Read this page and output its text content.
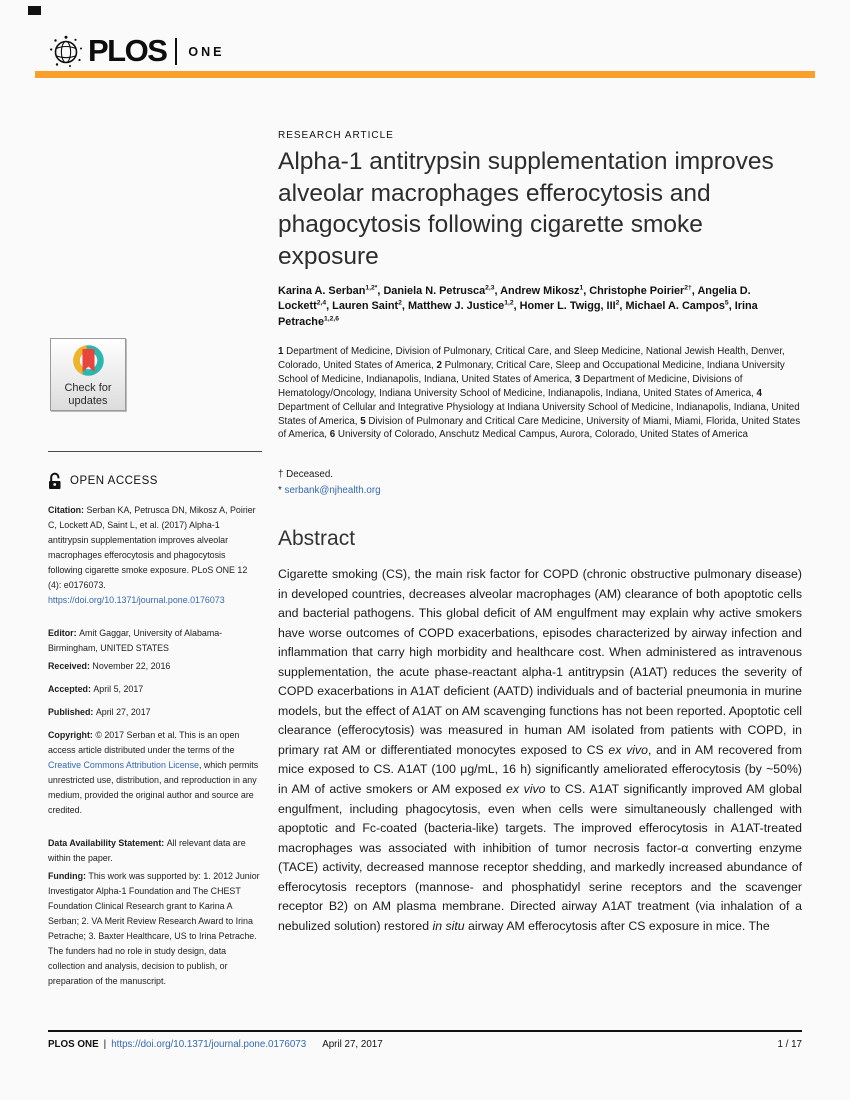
PLOS ONE
RESEARCH ARTICLE
Alpha-1 antitrypsin supplementation improves alveolar macrophages efferocytosis and phagocytosis following cigarette smoke exposure
Karina A. Serban$^{1,2*}$, Daniela N. Petrusca$^{2,3}$, Andrew Mikosz$^1$, Christophe Poirier$^{2\dagger}$, Angelia D. Lockett$^{2,4}$, Lauren Saint$^2$, Matthew J. Justice$^{1,2}$, Homer L. Twigg, III$^2$, Michael A. Campos$^5$, Irina Petrache$^{1,2,6}$
1 Department of Medicine, Division of Pulmonary, Critical Care, and Sleep Medicine, National Jewish Health, Denver, Colorado, United States of America, 2 Pulmonary, Critical Care, Sleep and Occupational Medicine, Indiana University School of Medicine, Indianapolis, Indiana, United States of America, 3 Department of Medicine, Divisions of Hematology/Oncology, Indiana University School of Medicine, Indianapolis, Indiana, United States of America, 4 Department of Cellular and Integrative Physiology at Indiana University School of Medicine, Indianapolis, Indiana, United States of America, 5 Division of Pulmonary and Critical Care Medicine, University of Miami, Miami, Florida, United States of America, 6 University of Colorado, Anschutz Medical Campus, Aurora, Colorado, United States of America
† Deceased.
* serbank@njhealth.org
Abstract
Cigarette smoking (CS), the main risk factor for COPD (chronic obstructive pulmonary disease) in developed countries, decreases alveolar macrophages (AM) clearance of both apoptotic cells and bacterial pathogens. This global deficit of AM engulfment may explain why active smokers have worse outcomes of COPD exacerbations, episodes characterized by airway infection and inflammation that carry high morbidity and healthcare cost. When administered as intravenous supplementation, the acute phase-reactant alpha-1 antitrypsin (A1AT) reduces the severity of COPD exacerbations in A1AT deficient (AATD) individuals and of bacterial pneumonia in murine models, but the effect of A1AT on AM scavenging functions has not been reported. Apoptotic cell clearance (efferocytosis) was measured in human AM isolated from patients with COPD, in primary rat AM or differentiated monocytes exposed to CS ex vivo, and in AM recovered from mice exposed to CS. A1AT (100 μg/mL, 16 h) significantly ameliorated efferocytosis (by ~50%) in AM of active smokers or AM exposed ex vivo to CS. A1AT significantly improved AM global engulfment, including phagocytosis, even when cells were simultaneously challenged with apoptotic and Fc-coated (bacteria-like) targets. The improved efferocytosis in A1AT-treated macrophages was associated with inhibition of tumor necrosis factor-α converting enzyme (TACE) activity, decreased mannose receptor shedding, and markedly increased abundance of efferocytosis receptors (mannose- and phosphatidyl serine receptors and the scavenger receptor B2) on AM plasma membrane. Directed airway A1AT treatment (via inhalation of a nebulized solution) restored in situ airway AM efferocytosis after CS exposure in mice. The
Check for
updates
OPEN ACCESS
Citation: Serban KA, Petrusca DN, Mikosz A, Poirier C, Lockett AD, Saint L, et al. (2017) Alpha-1 antitrypsin supplementation improves alveolar macrophages efferocytosis and phagocytosis following cigarette smoke exposure. PLoS ONE 12 (4): e0176073. https://doi.org/10.1371/journal.pone.0176073
Editor: Amit Gaggar, University of Alabama-Birmingham, UNITED STATES
Received: November 22, 2016
Accepted: April 5, 2017
Published: April 27, 2017
Copyright: © 2017 Serban et al. This is an open access article distributed under the terms of the Creative Commons Attribution License, which permits unrestricted use, distribution, and reproduction in any medium, provided the original author and source are credited.
Data Availability Statement: All relevant data are within the paper.
Funding: This work was supported by: 1. 2012 Junior Investigator Alpha-1 Foundation and The CHEST Foundation Clinical Research grant to Karina A Serban; 2. VA Merit Review Research Award to Irina Petrache; 3. Baxter Healthcare, US to Irina Petrache. The funders had no role in study design, data collection and analysis, decision to publish, or preparation of the manuscript.
PLOS ONE | https://doi.org/10.1371/journal.pone.0176073 April 27, 2017	1 / 17
